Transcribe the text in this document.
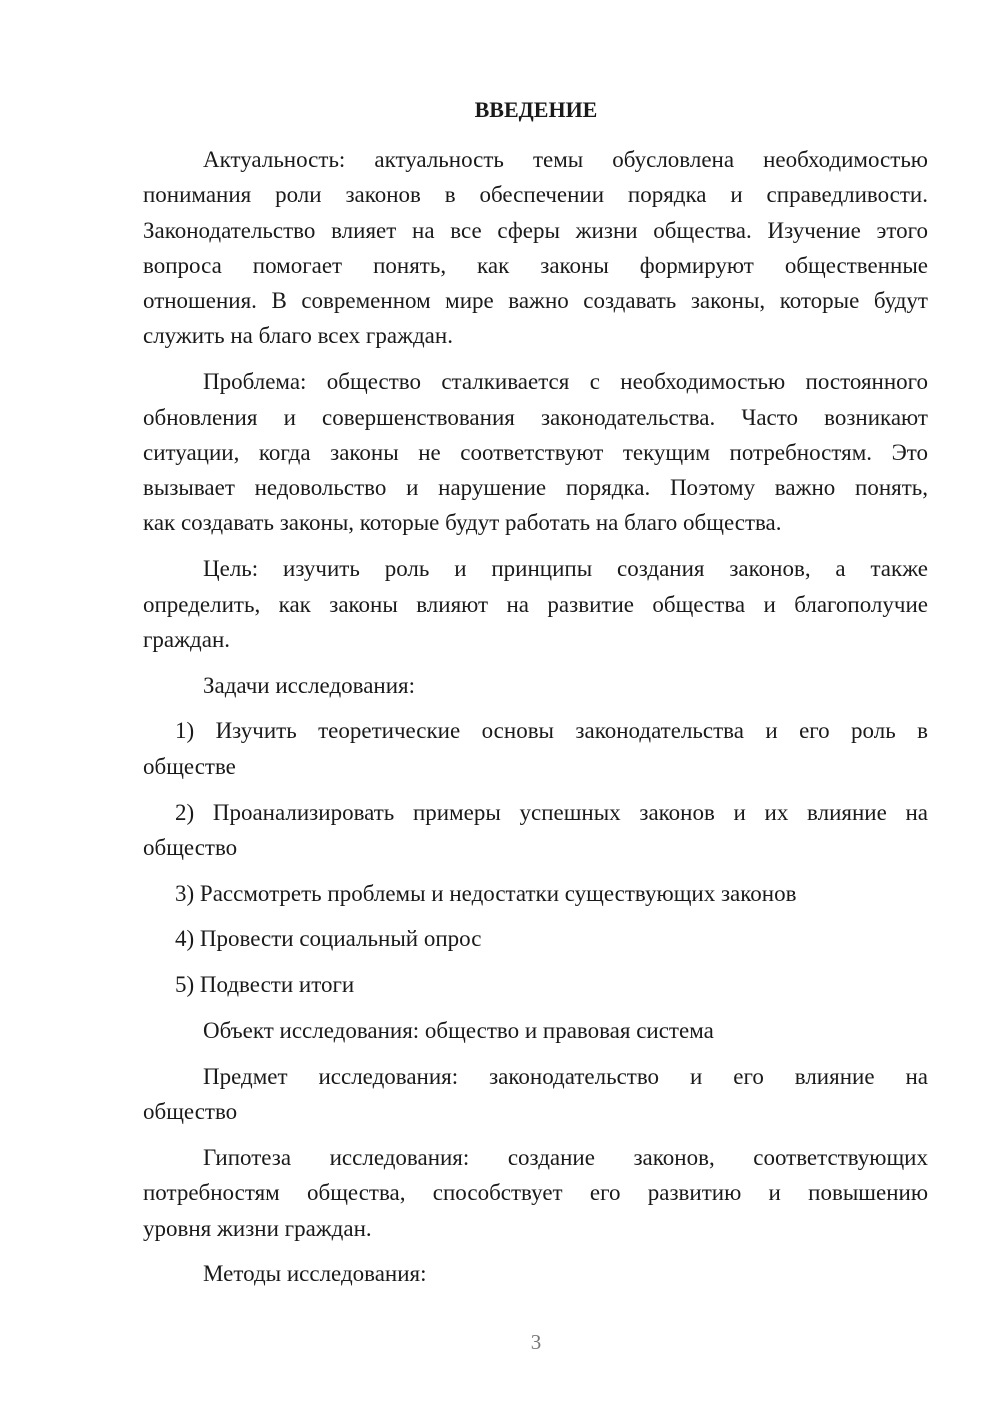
ВВЕДЕНИЕ
Актуальность: актуальность темы обусловлена необходимостью
понимания роли законов в обеспечении порядка и справедливости.
Законодательство влияет на все сферы жизни общества. Изучение этого
вопроса помогает понять, как законы формируют общественные
отношения. В современном мире важно создавать законы, которые будут
служить на благо всех граждан.
Проблема: общество сталкивается с необходимостью постоянного
обновления и совершенствования законодательства. Часто возникают
ситуации, когда законы не соответствуют текущим потребностям. Это
вызывает недовольство и нарушение порядка. Поэтому важно понять,
как создавать законы, которые будут работать на благо общества.
Цель: изучить роль и принципы создания законов, а также
определить, как законы влияют на развитие общества и благополучие
граждан.
Задачи исследования:
1) Изучить теоретические основы законодательства и его роль в
обществе
2) Проанализировать примеры успешных законов и их влияние на
общество
3) Рассмотреть проблемы и недостатки существующих законов
4) Провести социальный опрос
5) Подвести итоги
Объект исследования: общество и правовая система
Предмет исследования: законодательство и его влияние на
общество
Гипотеза исследования: создание законов, соответствующих
потребностям общества, способствует его развитию и повышению
уровня жизни граждан.
Методы исследования:
3
